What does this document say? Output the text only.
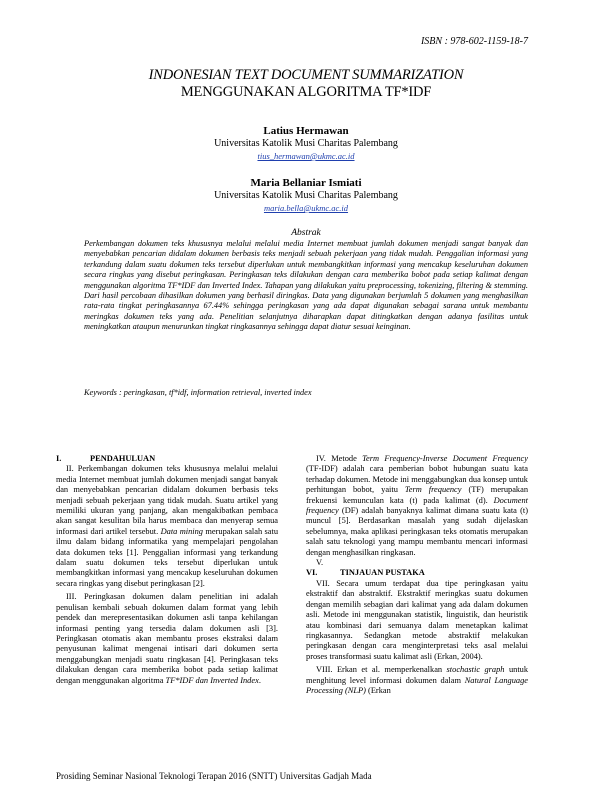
ISBN : 978-602-1159-18-7
INDONESIAN TEXT DOCUMENT SUMMARIZATION
MENGGUNAKAN ALGORITMA TF*IDF
Latius Hermawan
Universitas Katolik Musi Charitas Palembang
tius_hermawan@ukmc.ac.id
Maria Bellaniar Ismiati
Universitas Katolik Musi Charitas Palembang
maria.bella@ukmc.ac.id
Abstrak
Perkembangan dokumen teks khususnya melalui melalui media Internet membuat jumlah dokumen menjadi sangat banyak dan menyebabkan pencarian didalam dokumen berbasis teks menjadi sebuah pekerjaan yang tidak mudah. Penggalian informasi yang terkandung dalam suatu dokumen teks tersebut diperlukan untuk membangkitkan informasi yang mencakup keseluruhan dokumen secara ringkas yang disebut peringkasan. Peringkasan teks dilakukan dengan cara memberika bobot pada setiap kalimat dengan menggunakan algoritma TF*IDF dan Inverted Index. Tahapan yang dilakukan yaitu preprocessing, tokenizing, filtering & stemming. Dari hasil percobaan dihasilkan dokumen yang berhasil diringkas. Data yang digunakan berjumlah 5 dokumen yang menghasilkan rata-rata tingkat peringkasannya 67.44% sehingga peringkasan yang ada dapat digunakan sebagai sarana untuk membantu meringkas dokumen teks yang ada. Penelitian selanjutnya diharapkan dapat ditingkatkan dengan adanya fasilitas untuk meningkatkan ataupun menurunkan tingkat ringkasannya sehingga dapat diatur sesuai keinginan.
Keywords : peringkasan, tf*idf, information retrieval, inverted index
I.	PENDAHULUAN

II. Perkembangan dokumen teks khususnya melalui melalui media Internet membuat jumlah dokumen menjadi sangat banyak dan menyebabkan pencarian didalam dokumen berbasis teks menjadi sebuah pekerjaan yang tidak mudah. Suatu artikel yang memiliki ukuran yang panjang, akan mengakibatkan pembaca akan sangat kesulitan bila harus membaca dan menyerap semua informasi dari artikel tersebut. Data mining merupakan salah satu ilmu dalam bidang informatika yang mempelajari pengolahan data dokumen teks [1]. Penggalian informasi yang terkandung dalam suatu dokumen teks tersebut diperlukan untuk membangkitkan informasi yang mencakup keseluruhan dokumen secara ringkas yang disebut peringkasan [2].

III. Peringkasan dokumen dalam penelitian ini adalah penulisan kembali sebuah dokumen dalam format yang lebih pendek dan merepresentasikan dokumen asli tanpa kehilangan informasi penting yang tersedia dalam dokumen asli [3]. Peringkasan otomatis akan membantu proses ekstraksi dalam penyusunan kalimat mengenai intisari dari dokumen serta menggabungkan menjadi suatu ringkasan [4]. Peringkasan teks dilakukan dengan cara memberika bobot pada setiap kalimat dengan menggunakan algoritma TF*IDF dan Inverted Index.

IV. Metode Term Frequency-Inverse Document Frequency (TF-IDF) adalah cara pemberian bobot hubungan suatu kata terhadap dokumen. Metode ini menggabungkan dua konsep untuk perhitungan bobot, yaitu Term frequency (TF) merupakan frekuensi kemunculan kata (t) pada kalimat (d). Document frequency (DF) adalah banyaknya kalimat dimana suatu kata (t) muncul [5]. Berdasarkan masalah yang sudah dijelaskan sebelumnya, maka aplikasi peringkasan teks otomatis merupakan salah satu teknologi yang mampu membantu mencari informasi dengan menghasilkan ringkasan.

V.

VI.	TINJAUAN PUSTAKA

VII. Secara umum terdapat dua tipe peringkasan yaitu ekstraktif dan abstraktif. Ekstraktif meringkas suatu dokumen dengan memilih sebagian dari kalimat yang ada dalam dokumen asli. Metode ini menggunakan statistik, linguistik, dan heuristik atau kombinasi dari semuanya dalam menetapkan kalimat ringkasannya. Sedangkan metode abstraktif melakukan peringkasan dengan cara menginterpretasi teks asal melalui proses transformasi suatu kalimat asli (Erkan, 2004).

VIII. Erkan et al. memperkenalkan stochastic graph untuk menghitung level informasi dokumen dalam Natural Language Processing (NLP) (Erkan

Prosiding Seminar Nasional Teknologi Terapan 2016 (SNTT) Universitas Gadjah Mada
